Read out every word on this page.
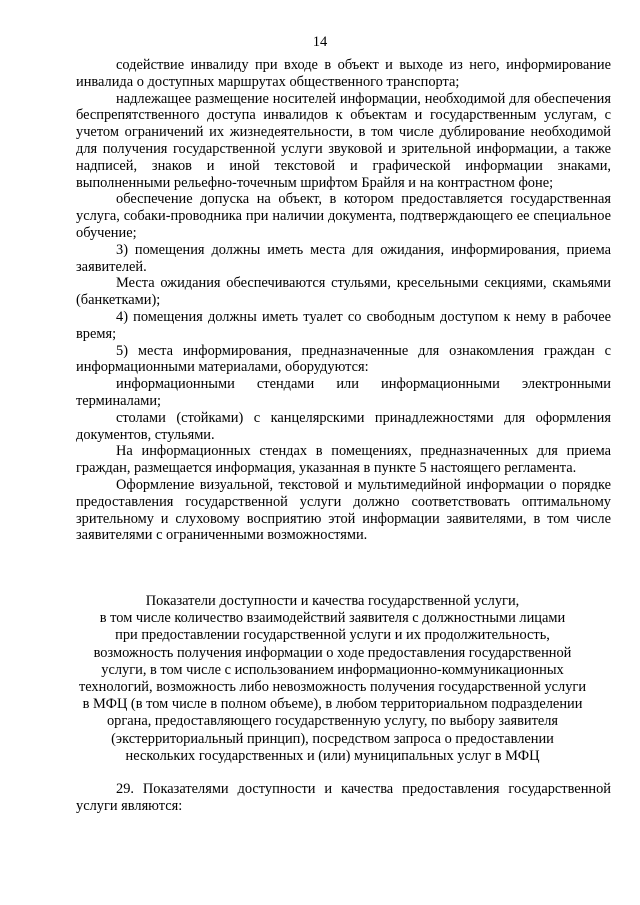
14

содействие инвалиду при входе в объект и выходе из него, информирование инвалида о доступных маршрутах общественного транспорта;

надлежащее размещение носителей информации, необходимой для обеспечения беспрепятственного доступа инвалидов к объектам и государственным услугам, с учетом ограничений их жизнедеятельности, в том числе дублирование необходимой для получения государственной услуги звуковой и зрительной информации, а также надписей, знаков и иной текстовой и графической информации знаками, выполненными рельефно-точечным шрифтом Брайля и на контрастном фоне;

обеспечение допуска на объект, в котором предоставляется государственная услуга, собаки-проводника при наличии документа, подтверждающего ее специальное обучение;

3) помещения должны иметь места для ожидания, информирования, приема заявителей.

Места ожидания обеспечиваются стульями, кресельными секциями, скамьями (банкетками);

4) помещения должны иметь туалет со свободным доступом к нему в рабочее время;

5) места информирования, предназначенные для ознакомления граждан с информационными материалами, оборудуются:

информационными стендами или информационными электронными терминалами;

столами (стойками) с канцелярскими принадлежностями для оформления документов, стульями.

На информационных стендах в помещениях, предназначенных для приема граждан, размещается информация, указанная в пункте 5 настоящего регламента.

Оформление визуальной, текстовой и мультимедийной информации о порядке предоставления государственной услуги должно соответствовать оптимальному зрительному и слуховому восприятию этой информации заявителями, в том числе заявителями с ограниченными возможностями.

Показатели доступности и качества государственной услуги,
в том числе количество взаимодействий заявителя с должностными лицами
при предоставлении государственной услуги и их продолжительность,
возможность получения информации о ходе предоставления государственной
услуги, в том числе с использованием информационно-коммуникационных
технологий, возможность либо невозможность получения государственной услуги
в МФЦ (в том числе в полном объеме), в любом территориальном подразделении
органа, предоставляющего государственную услугу, по выбору заявителя
(экстерриториальный принцип), посредством запроса о предоставлении
нескольких государственных и (или) муниципальных услуг в МФЦ

29. Показателями доступности и качества предоставления государственной услуги являются:
